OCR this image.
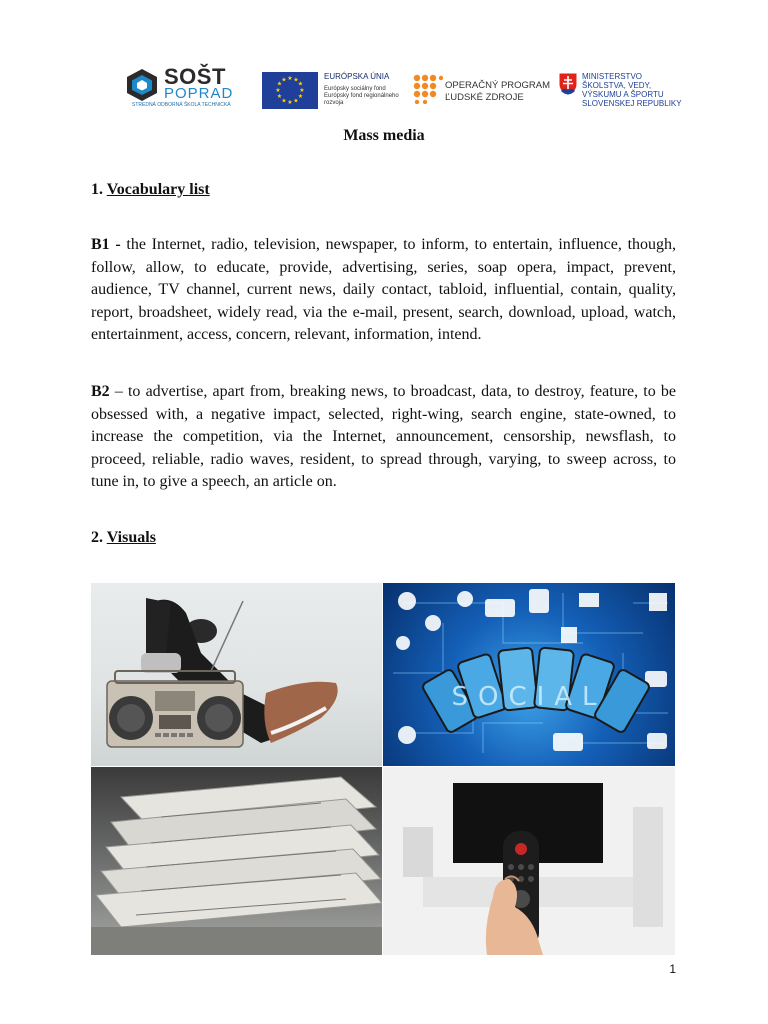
SOŠT
POPRAD
STREDNÁ ODBORNÁ ŠKOLA TECHNICKÁ
★ ★
★
★
★
★
★
★
★
★
★
★	EURÓPSKA ÚNIA
Európsky sociálny fond
Európsky fond regionálneho rozvoja
OPERAČNÝ PROGRAM
ĽUDSKÉ ZDROJE
MINISTERSTVO
ŠKOLSTVA, VEDY,
VÝSKUMU A ŠPORTU
SLOVENSKEJ REPUBLIKY
Mass media
1. Vocabulary list

B1 - the Internet, radio, television, newspaper, to inform, to entertain, influence, though, follow, allow, to educate, provide, advertising, series, soap opera, impact, prevent, audience, TV channel, current news, daily contact, tabloid, influential, contain, quality, report, broadsheet, widely read, via the e-mail, present, search, download, upload, watch, entertainment, access, concern, relevant, information, intend.

B2 – to advertise, apart from, breaking news, to broadcast, data, to destroy, feature, to be obsessed with, a negative impact, selected, right-wing, search engine, state-owned, to increase the competition, via the Internet, announcement, censorship, newsflash, to proceed, reliable, radio waves, resident, to spread through, varying, to sweep across, to tune in, to give a speech, an article on.

2. Visuals
SOCIAL
1
